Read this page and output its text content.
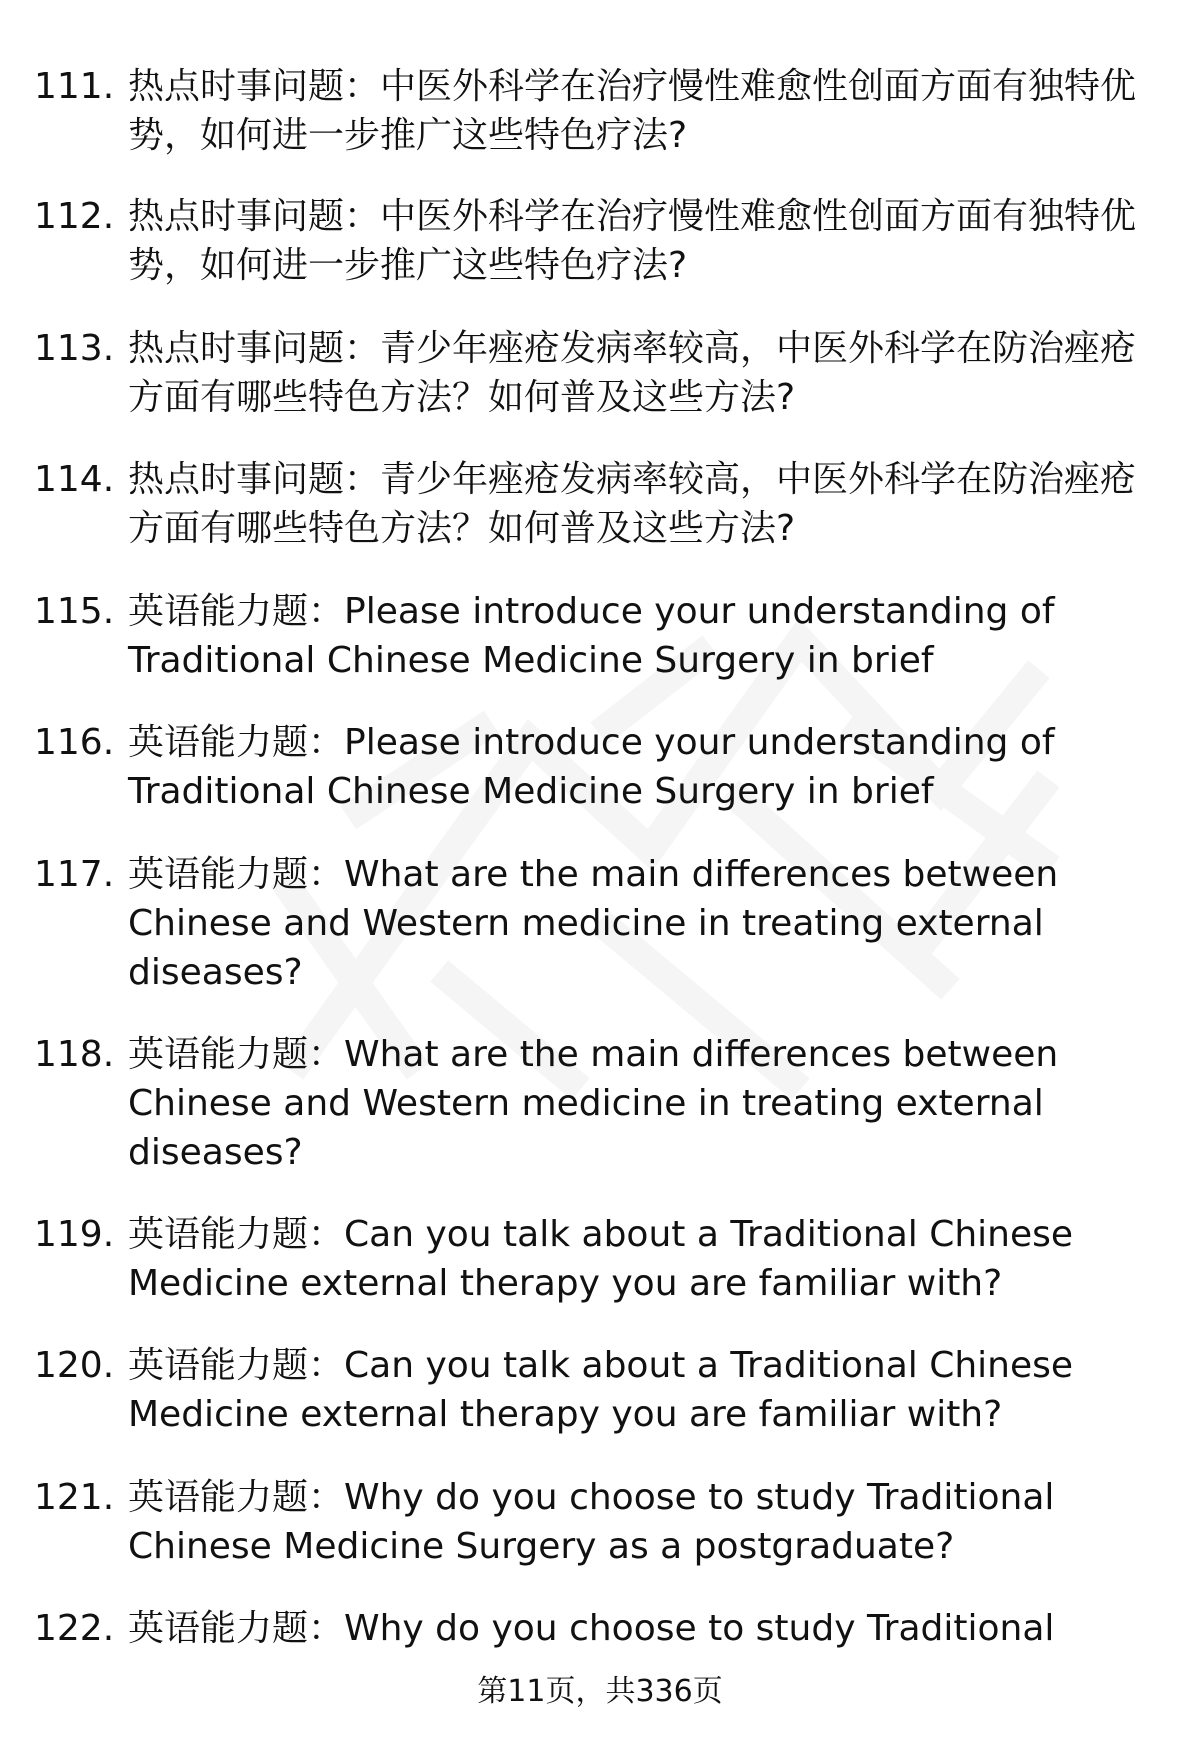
111. 热点时事问题：中医外科学在治疗慢性难愈性创面方面有独特优势，如何进一步推广这些特色疗法?
112. 热点时事问题：中医外科学在治疗慢性难愈性创面方面有独特优势，如何进一步推广这些特色疗法?
113. 热点时事问题：青少年痤疮发病率较高，中医外科学在防治痤疮方面有哪些特色方法？如何普及这些方法?
114. 热点时事问题：青少年痤疮发病率较高，中医外科学在防治痤疮方面有哪些特色方法？如何普及这些方法?
115. 英语能力题：Please introduce your understanding of Traditional Chinese Medicine Surgery in brief
116. 英语能力题：Please introduce your understanding of Traditional Chinese Medicine Surgery in brief
117. 英语能力题：What are the main differences between Chinese and Western medicine in treating external diseases?
118. 英语能力题：What are the main differences between Chinese and Western medicine in treating external diseases?
119. 英语能力题：Can you talk about a Traditional Chinese Medicine external therapy you are familiar with?
120. 英语能力题：Can you talk about a Traditional Chinese Medicine external therapy you are familiar with?
121. 英语能力题：Why do you choose to study Traditional Chinese Medicine Surgery as a postgraduate?
122. 英语能力题：Why do you choose to study Traditional
第11页，共336页
